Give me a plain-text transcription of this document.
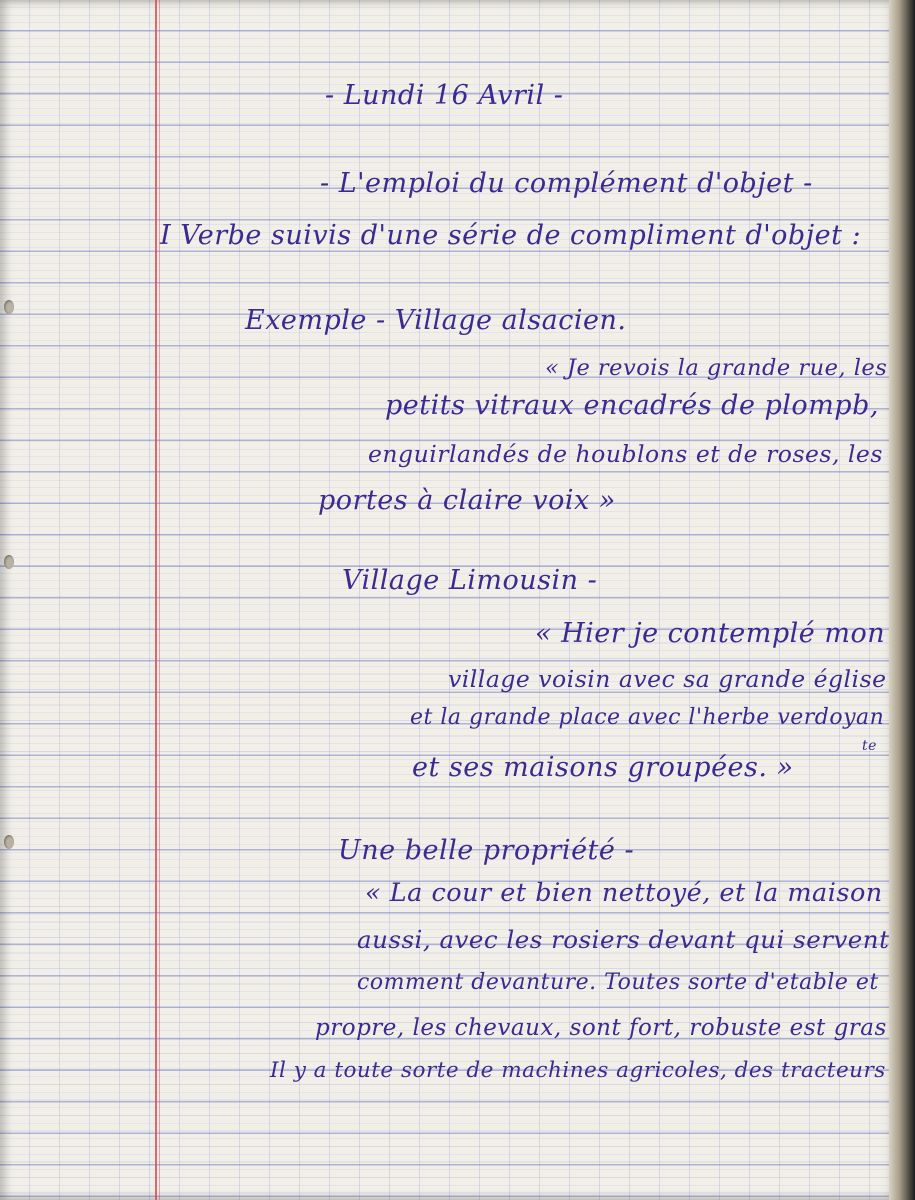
- Lundi 16 Avril -
- L'emploi du complément d'objet -
I Verbe suivis d'une série de compliment d'objet :
Exemple - Village alsacien.
« Je revois la grande rue, les
petits vitraux encadrés de plompb,
enguirlandés de houblons et de roses, les
portes à claire voix »
Village Limousin -
« Hier je contemplé mon
village voisin avec sa grande église
et la grande place avec l'herbe verdoyan
te
et ses maisons groupées. »
Une belle propriété -
« La cour et bien nettoyé, et la maison
aussi, avec les rosiers devant qui servent
comment devanture. Toutes sorte d'etable et
propre, les chevaux, sont fort, robuste est gras
Il y a toute sorte de machines agricoles, des tracteurs
